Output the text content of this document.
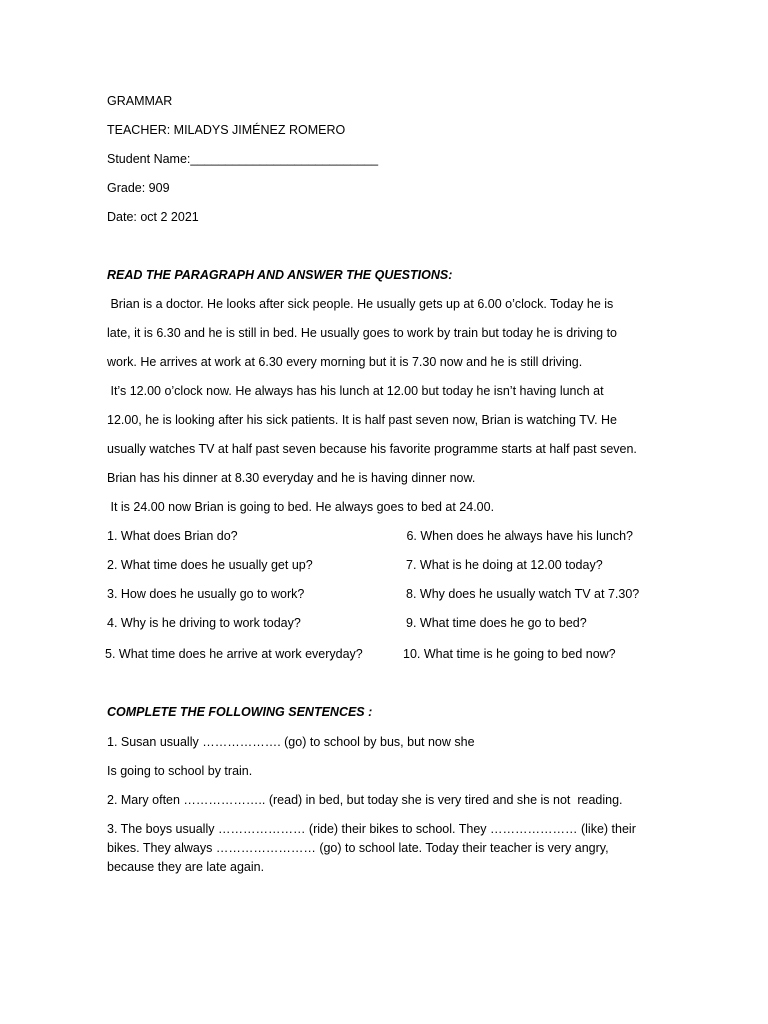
GRAMMAR
TEACHER: MILADYS JIMÉNEZ ROMERO
Student Name:___________________________
Grade: 909
Date: oct 2 2021
READ THE PARAGRAPH AND ANSWER THE QUESTIONS:
Brian is a doctor. He looks after sick people. He usually gets up at 6.00 o’clock. Today he is
late, it is 6.30 and he is still in bed. He usually goes to work by train but today he is driving to
work. He arrives at work at 6.30 every morning but it is 7.30 now and he is still driving.
It’s 12.00 o’clock now. He always has his lunch at 12.00 but today he isn’t having lunch at
12.00, he is looking after his sick patients. It is half past seven now, Brian is watching TV. He
usually watches TV at half past seven because his favorite programme starts at half past seven.
Brian has his dinner at 8.30 everyday and he is having dinner now.
It is 24.00 now Brian is going to bed. He always goes to bed at 24.00.
1. What does Brian do?
2. What time does he usually get up?
3. How does he usually go to work?
4. Why is he driving to work today?
5. What time does he arrive at work everyday?
6. When does he always have his lunch?
7. What is he doing at 12.00 today?
8. Why does he usually watch TV at 7.30?
9. What time does he go to bed?
10. What time is he going to bed now?
COMPLETE THE FOLLOWING SENTENCES :
1. Susan usually ………………. (go) to school by bus, but now she
Is going to school by train.
2. Mary often ……………….. (read) in bed, but today she is very tired and she is not  reading.
3. The boys usually ………………… (ride) their bikes to school. They ………………… (like) their bikes. They always …………………… (go) to school late. Today their teacher is very angry, because they are late again.
